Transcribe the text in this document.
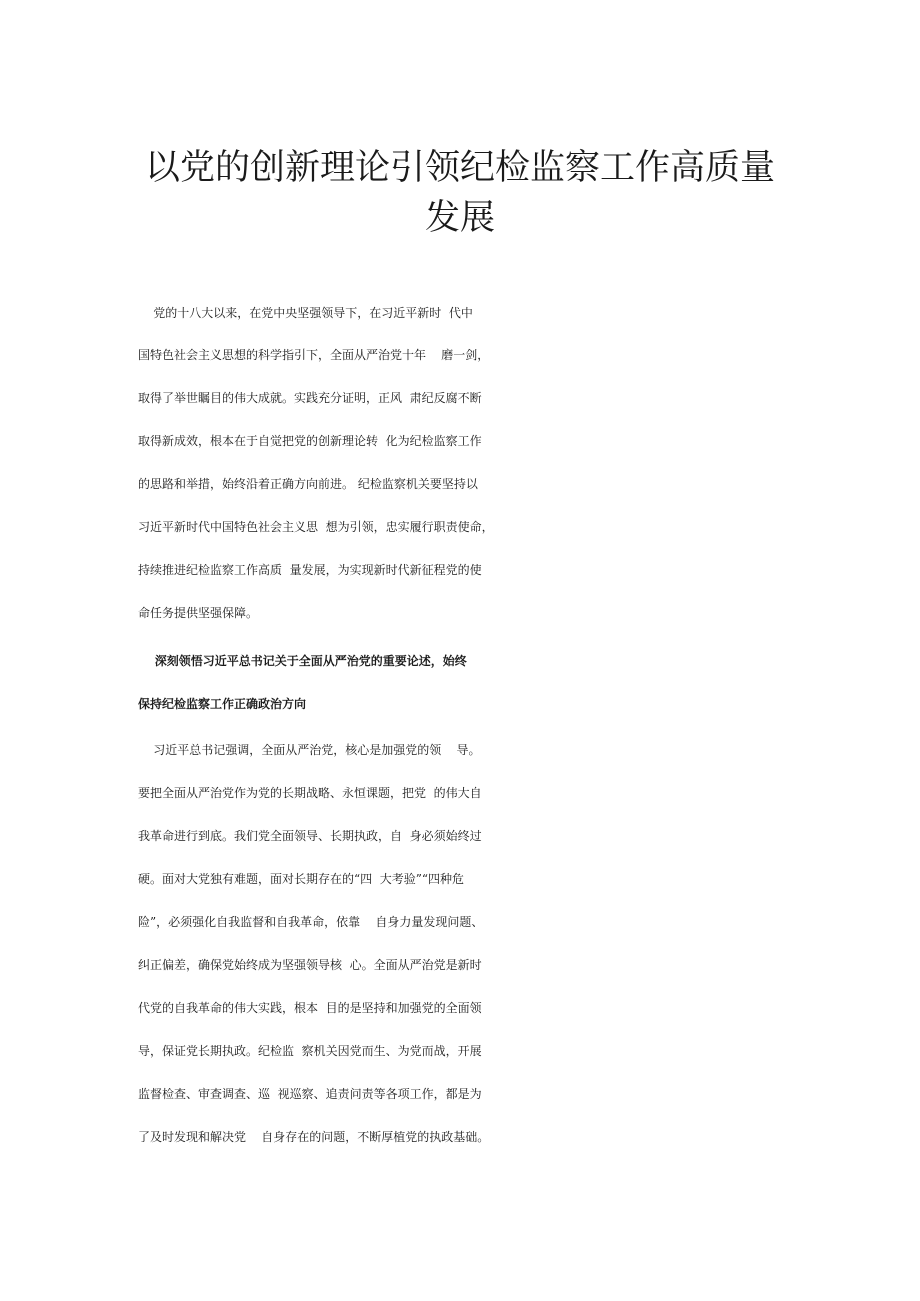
以党的创新理论引领纪检监察工作高质量
发展
党的十八大以来，在党中央坚强领导下，在习近平新时  代中
国特色社会主义思想的科学指引下，全面从严治党十年    磨一剑，
取得了举世瞩目的伟大成就。实践充分证明，正风  肃纪反腐不断
取得新成效，根本在于自觉把党的创新理论转  化为纪检监察工作
的思路和举措，始终沿着正确方向前进。 纪检监察机关要坚持以
习近平新时代中国特色社会主义思  想为引领，忠实履行职责使命，
持续推进纪检监察工作高质  量发展，为实现新时代新征程党的使
命任务提供坚强保障。
深刻领悟习近平总书记关于全面从严治党的重要论述，始终
保持纪检监察工作正确政治方向
习近平总书记强调，全面从严治党，核心是加强党的领    导。
要把全面从严治党作为党的长期战略、永恒课题，把党  的伟大自
我革命进行到底。我们党全面领导、长期执政，自  身必须始终过
硬。面对大党独有难题，面对长期存在的“四  大考验”“四种危
险”，必须强化自我监督和自我革命，依靠    自身力量发现问题、
纠正偏差，确保党始终成为坚强领导核  心。全面从严治党是新时
代党的自我革命的伟大实践，根本  目的是坚持和加强党的全面领
导，保证党长期执政。纪检监  察机关因党而生、为党而战，开展
监督检查、审查调查、巡  视巡察、追责问责等各项工作，都是为
了及时发现和解决党    自身存在的问题，不断厚植党的执政基础。
